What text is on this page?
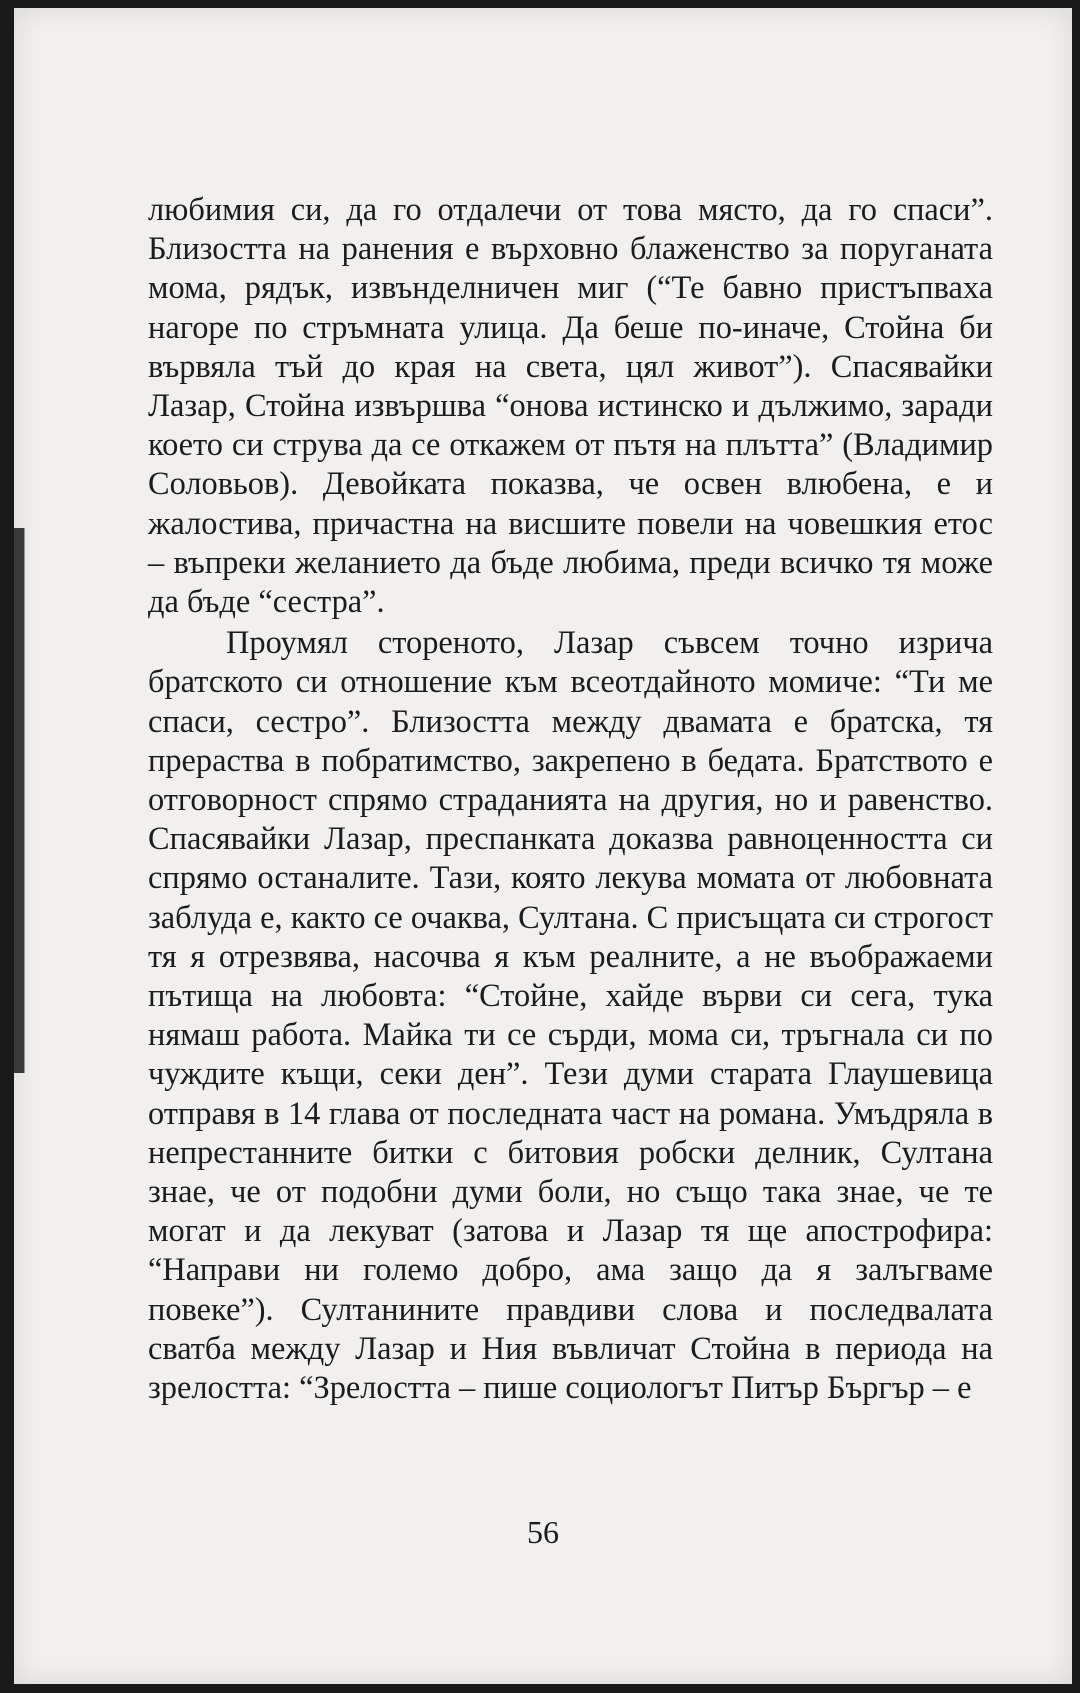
любимия си, да го отдалечи от това място, да го спаси”. Близостта на ранения е върховно блаженство за поруганата мома, рядък, извънделничен миг (“Те бавно пристъпваха нагоре по стръмната улица. Да беше по-иначе, Стойна би вървяла тъй до края на света, цял живот”). Спасявайки Лазар, Стойна извършва “онова истинско и дължимо, заради което си струва да се откажем от пътя на плътта” (Владимир Соловьов). Девойката показва, че освен влюбена, е и жалостива, причастна на висшите повели на човешкия етос – въпреки желанието да бъде любима, преди всичко тя може да бъде “сестра”.

Проумял стореното, Лазар съвсем точно изрича братското си отношение към всеотдайното момиче: “Ти ме спаси, сестро”. Близостта между двамата е братска, тя прераства в побратимство, закрепено в бедата. Братството е отговорност спрямо страданията на другия, но и равенство. Спасявайки Лазар, преспанката доказва равноценността си спрямо останалите. Тази, която лекува момата от любовната заблуда е, както се очаква, Султана. С присъщата си строгост тя я отрезвява, насочва я към реалните, а не въображаеми пътища на любовта: “Стойне, хайде върви си сега, тука нямаш работа. Майка ти се сърди, мома си, тръгнала си по чуждите къщи, секи ден”. Тези думи старата Глаушевица отправя в 14 глава от последната част на романа. Умъдряла в непрестанните битки с битовия робски делник, Султана знае, че от подобни думи боли, но също така знае, че те могат и да лекуват (затова и Лазар тя ще апострофира: “Направи ни големо добро, ама защо да я залъгваме повеке”). Султанините правдиви слова и последвалата сватба между Лазар и Ния въвличат Стойна в периода на зрелостта: “Зрелостта – пише социологът Питър Бъргър – е

56
